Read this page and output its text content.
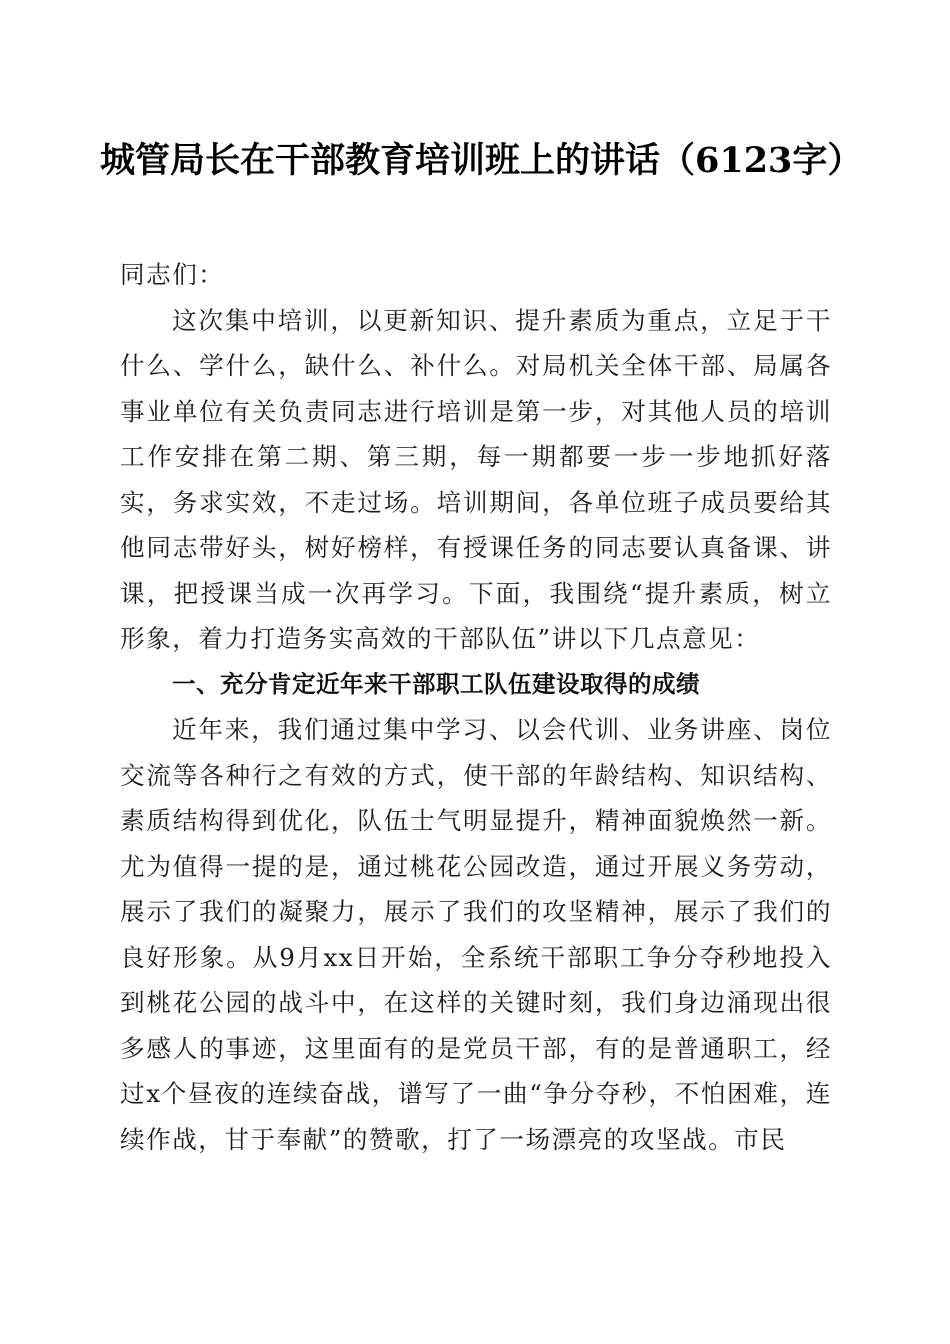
城管局长在干部教育培训班上的讲话（6123字）

同志们：

这次集中培训，以更新知识、提升素质为重点，立足于干什么、学什么，缺什么、补什么。对局机关全体干部、局属各事业单位有关负责同志进行培训是第一步，对其他人员的培训工作安排在第二期、第三期，每一期都要一步一步地抓好落实，务求实效，不走过场。培训期间，各单位班子成员要给其他同志带好头，树好榜样，有授课任务的同志要认真备课、讲课，把授课当成一次再学习。下面，我围绕“提升素质，树立形象，着力打造务实高效的干部队伍”讲以下几点意见：

一、充分肯定近年来干部职工队伍建设取得的成绩

近年来，我们通过集中学习、以会代训、业务讲座、岗位交流等各种行之有效的方式，使干部的年龄结构、知识结构、素质结构得到优化，队伍士气明显提升，精神面貌焕然一新。尤为值得一提的是，通过桃花公园改造，通过开展义务劳动，展示了我们的凝聚力，展示了我们的攻坚精神，展示了我们的良好形象。从9月xx日开始，全系统干部职工争分夺秒地投入到桃花公园的战斗中，在这样的关键时刻，我们身边涌现出很多感人的事迹，这里面有的是党员干部，有的是普通职工，经过x个昼夜的连续奋战，谱写了一曲“争分夺秒，不怕困难，连续作战，甘于奉献”的赞歌，打了一场漂亮的攻坚战。市民
